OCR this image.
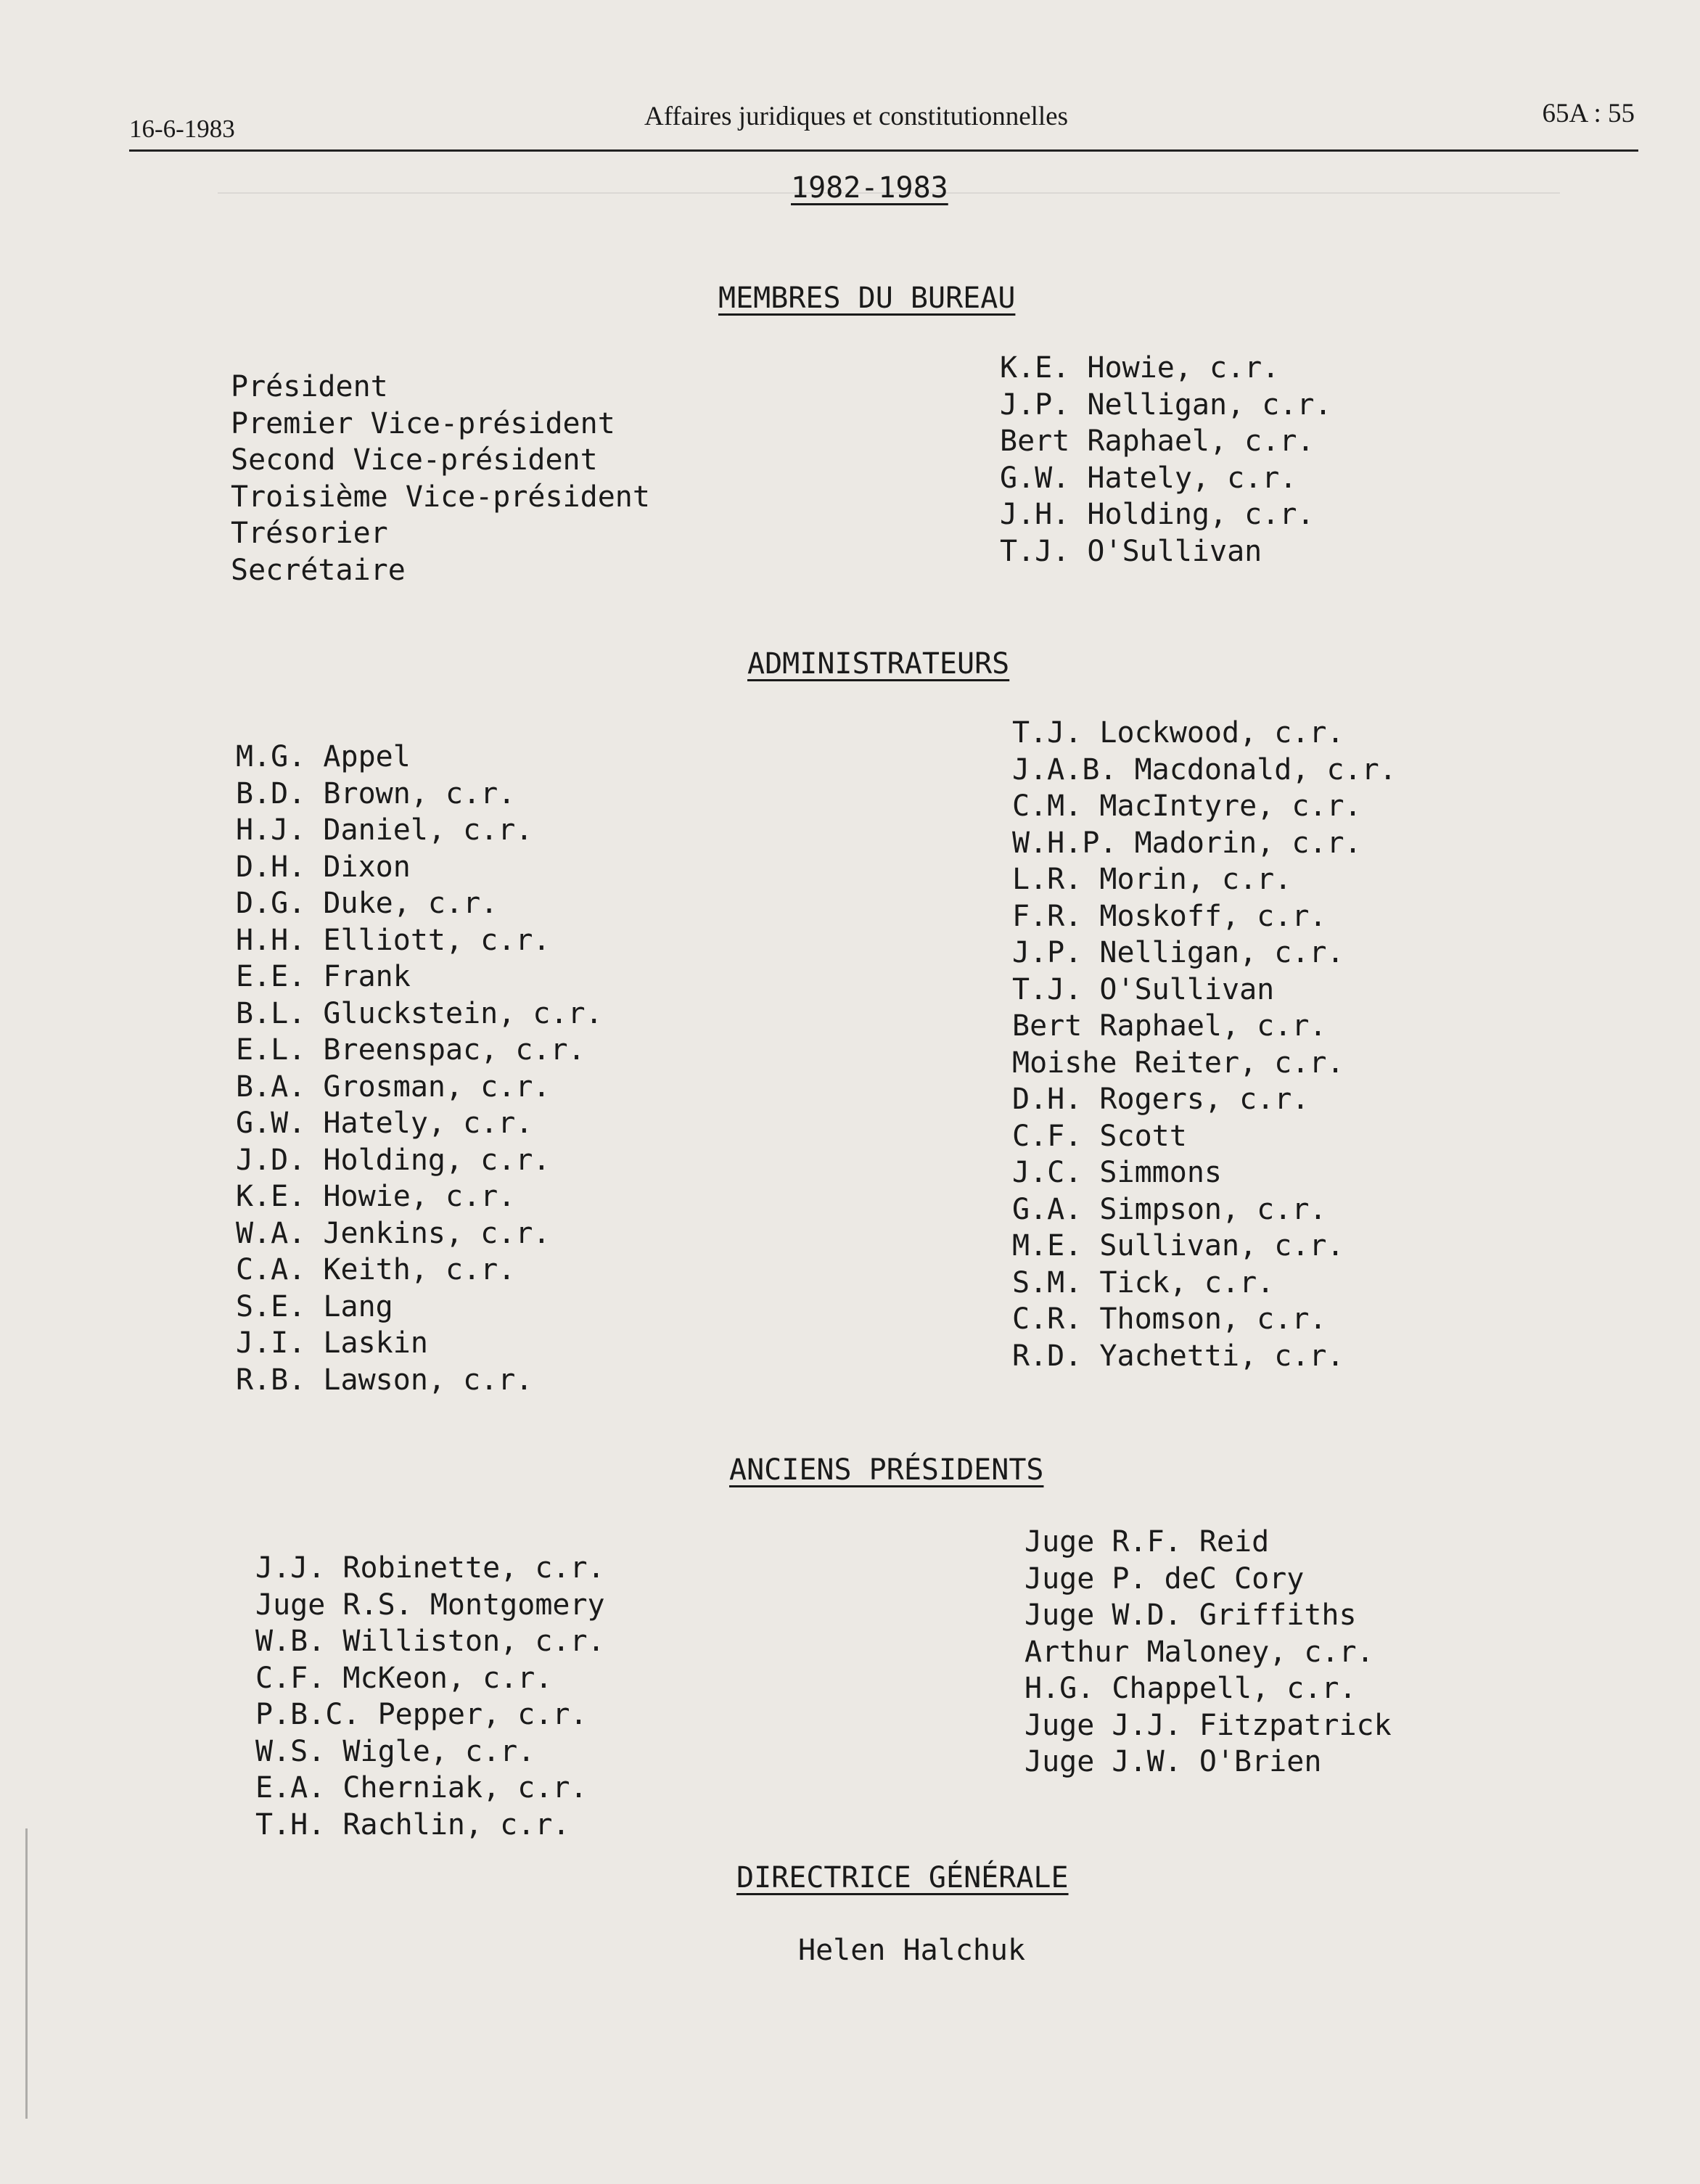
16-6-1983	Affaires juridiques et constitutionnelles	65A : 55
1982-1983
MEMBRES DU BUREAU
Président
Premier Vice-président
Second Vice-président
Troisième Vice-président
Trésorier
Secrétaire
K.E. Howie, c.r.
J.P. Nelligan, c.r.
Bert Raphael, c.r.
G.W. Hately, c.r.
J.H. Holding, c.r.
T.J. O'Sullivan
ADMINISTRATEURS
M.G. Appel
B.D. Brown, c.r.
H.J. Daniel, c.r.
D.H. Dixon
D.G. Duke, c.r.
H.H. Elliott, c.r.
E.E. Frank
B.L. Gluckstein, c.r.
E.L. Breenspac, c.r.
B.A. Grosman, c.r.
G.W. Hately, c.r.
J.D. Holding, c.r.
K.E. Howie, c.r.
W.A. Jenkins, c.r.
C.A. Keith, c.r.
S.E. Lang
J.I. Laskin
R.B. Lawson, c.r.
T.J. Lockwood, c.r.
J.A.B. Macdonald, c.r.
C.M. MacIntyre, c.r.
W.H.P. Madorin, c.r.
L.R. Morin, c.r.
F.R. Moskoff, c.r.
J.P. Nelligan, c.r.
T.J. O'Sullivan
Bert Raphael, c.r.
Moishe Reiter, c.r.
D.H. Rogers, c.r.
C.F. Scott
J.C. Simmons
G.A. Simpson, c.r.
M.E. Sullivan, c.r.
S.M. Tick, c.r.
C.R. Thomson, c.r.
R.D. Yachetti, c.r.
ANCIENS PRÉSIDENTS
J.J. Robinette, c.r.
Juge R.S. Montgomery
W.B. Williston, c.r.
C.F. McKeon, c.r.
P.B.C. Pepper, c.r.
W.S. Wigle, c.r.
E.A. Cherniak, c.r.
T.H. Rachlin, c.r.
Juge R.F. Reid
Juge P. deC Cory
Juge W.D. Griffiths
Arthur Maloney, c.r.
H.G. Chappell, c.r.
Juge J.J. Fitzpatrick
Juge J.W. O'Brien
DIRECTRICE GÉNÉRALE
Helen Halchuk
